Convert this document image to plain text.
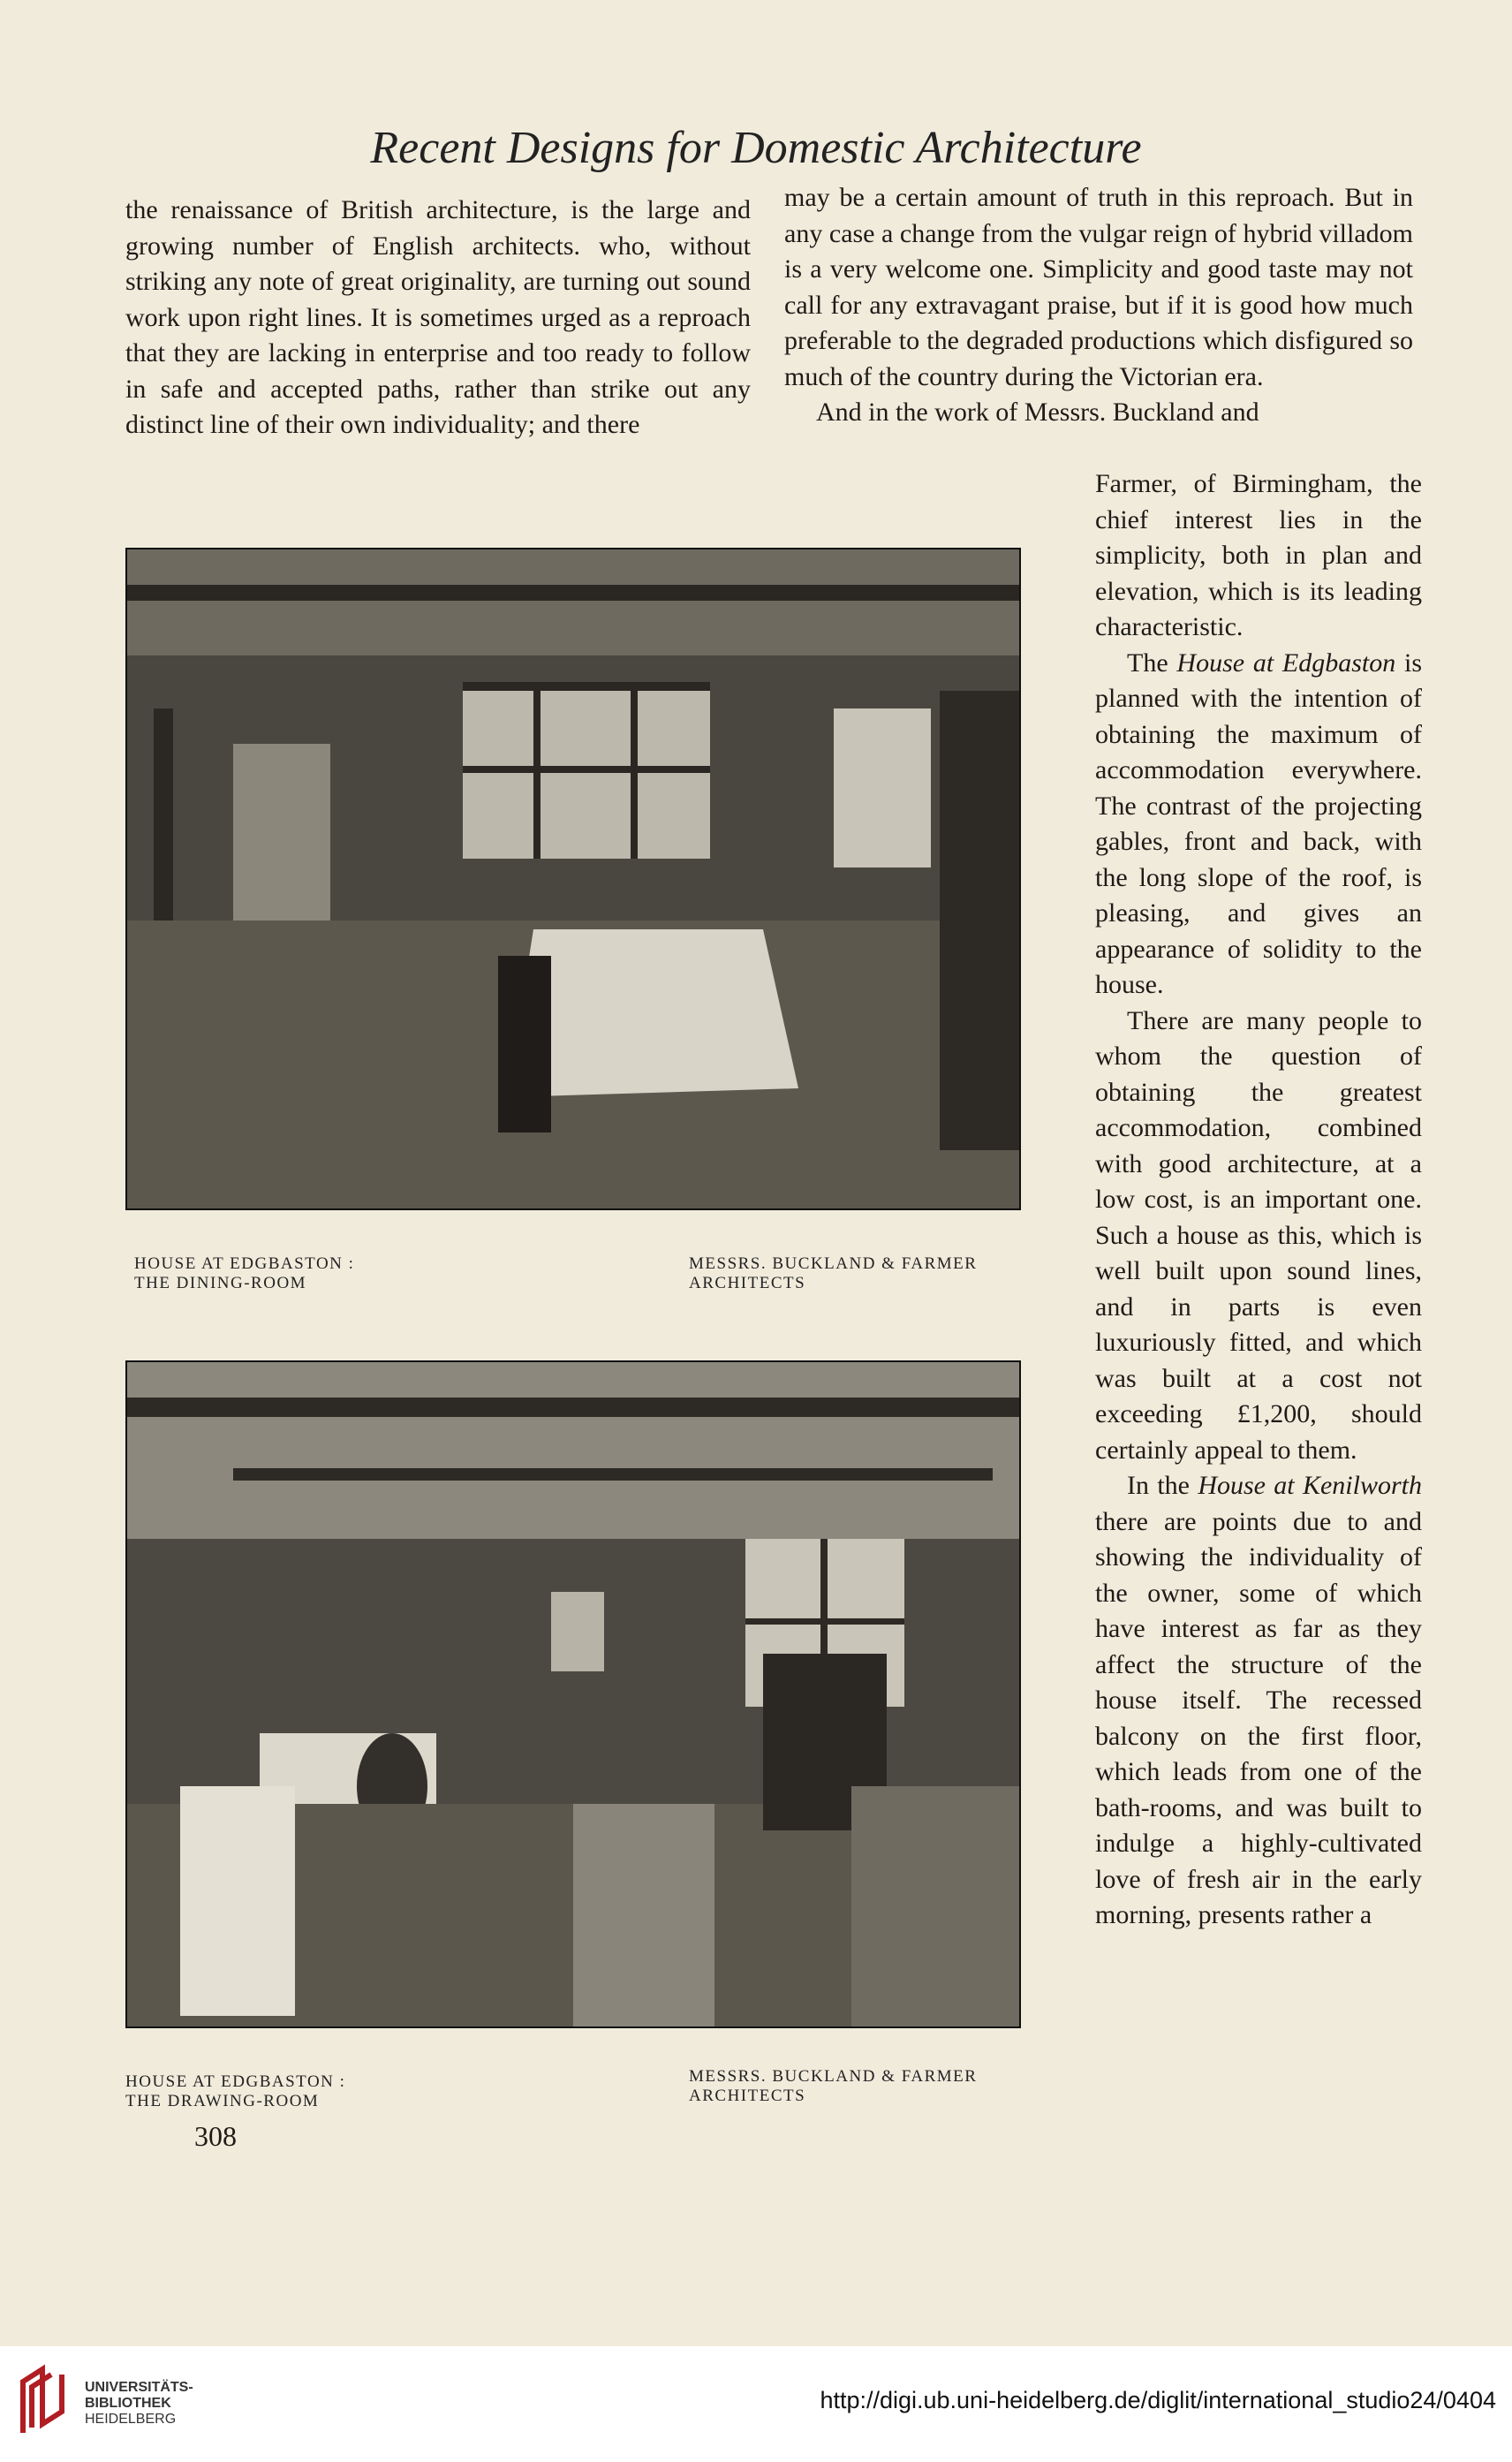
Recent Designs for Domestic Architecture

the renaissance of British architecture, is the large and growing number of English architects. who, without striking any note of great originality, are turning out sound work upon right lines. It is sometimes urged as a reproach that they are lacking in enterprise and too ready to follow in safe and accepted paths, rather than strike out any distinct line of their own individuality; and there

may be a certain amount of truth in this reproach. But in any case a change from the vulgar reign of hybrid villadom is a very welcome one. Simplicity and good taste may not call for any extravagant praise, but if it is good how much preferable to the degraded productions which disfigured so much of the country during the Victorian era.

And in the work of Messrs. Buckland and

Farmer, of Birmingham, the chief interest lies in the simplicity, both in plan and elevation, which is its leading characteristic.

The House at Edgbaston is planned with the intention of obtaining the maximum of accommodation everywhere. The contrast of the projecting gables, front and back, with the long slope of the roof, is pleasing, and gives an appearance of solidity to the house.

There are many people to whom the question of obtaining the greatest accommodation, combined with good architecture, at a low cost, is an important one. Such a house as this, which is well built upon sound lines, and in parts is even luxuriously fitted, and which was built at a cost not exceeding £1,200, should certainly appeal to them.

In the House at Kenilworth there are points due to and showing the individuality of the owner, some of which have interest as far as they affect the structure of the house itself. The recessed balcony on the first floor, which leads from one of the bath-rooms, and was built to indulge a highly-cultivated love of fresh air in the early morning, presents rather a

HOUSE AT EDGBASTON :
THE DINING-ROOM
MESSRS. BUCKLAND & FARMER
ARCHITECTS
HOUSE AT EDGBASTON :
THE DRAWING-ROOM
MESSRS. BUCKLAND & FARMER
ARCHITECTS
308
UNIVERSITÄTS-
BIBLIOTHEK
HEIDELBERG
http://digi.ub.uni-heidelberg.de/diglit/international_studio24/0404
